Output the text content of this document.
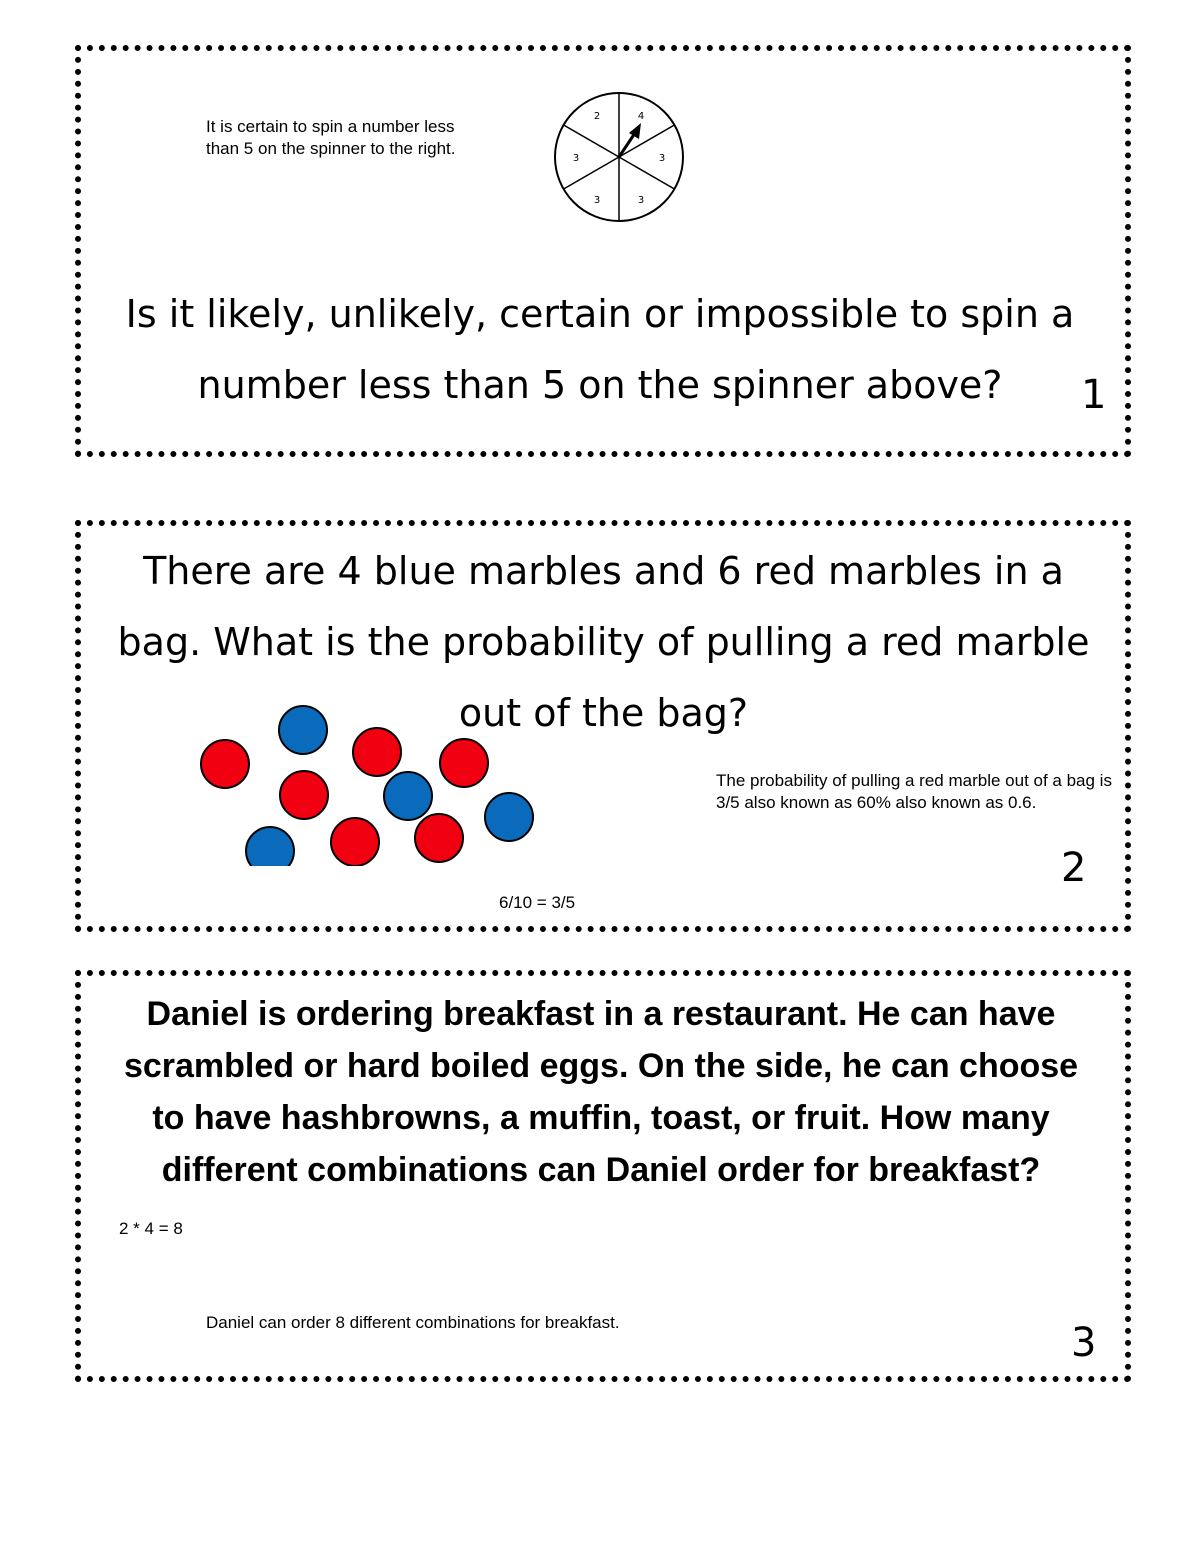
It is certain to spin a number less than 5 on the spinner to the right.
2	4
3
3
3
3
Is it likely, unlikely, certain or impossible to spin a number less than 5 on the spinner above?	1
There are 4 blue marbles and 6 red marbles in a bag. What is the probability of pulling a red marble out of the bag?
The probability of pulling a red marble out of a bag is 3/5 also known as 60% also known as 0.6.
2
6/10 = 3/5
Daniel is ordering breakfast in a restaurant. He can have scrambled or hard boiled eggs. On the side, he can choose to have hashbrowns, a muffin, toast, or fruit. How many different combinations can Daniel order for breakfast?
2 * 4 = 8
Daniel can order 8 different combinations for breakfast.	3
